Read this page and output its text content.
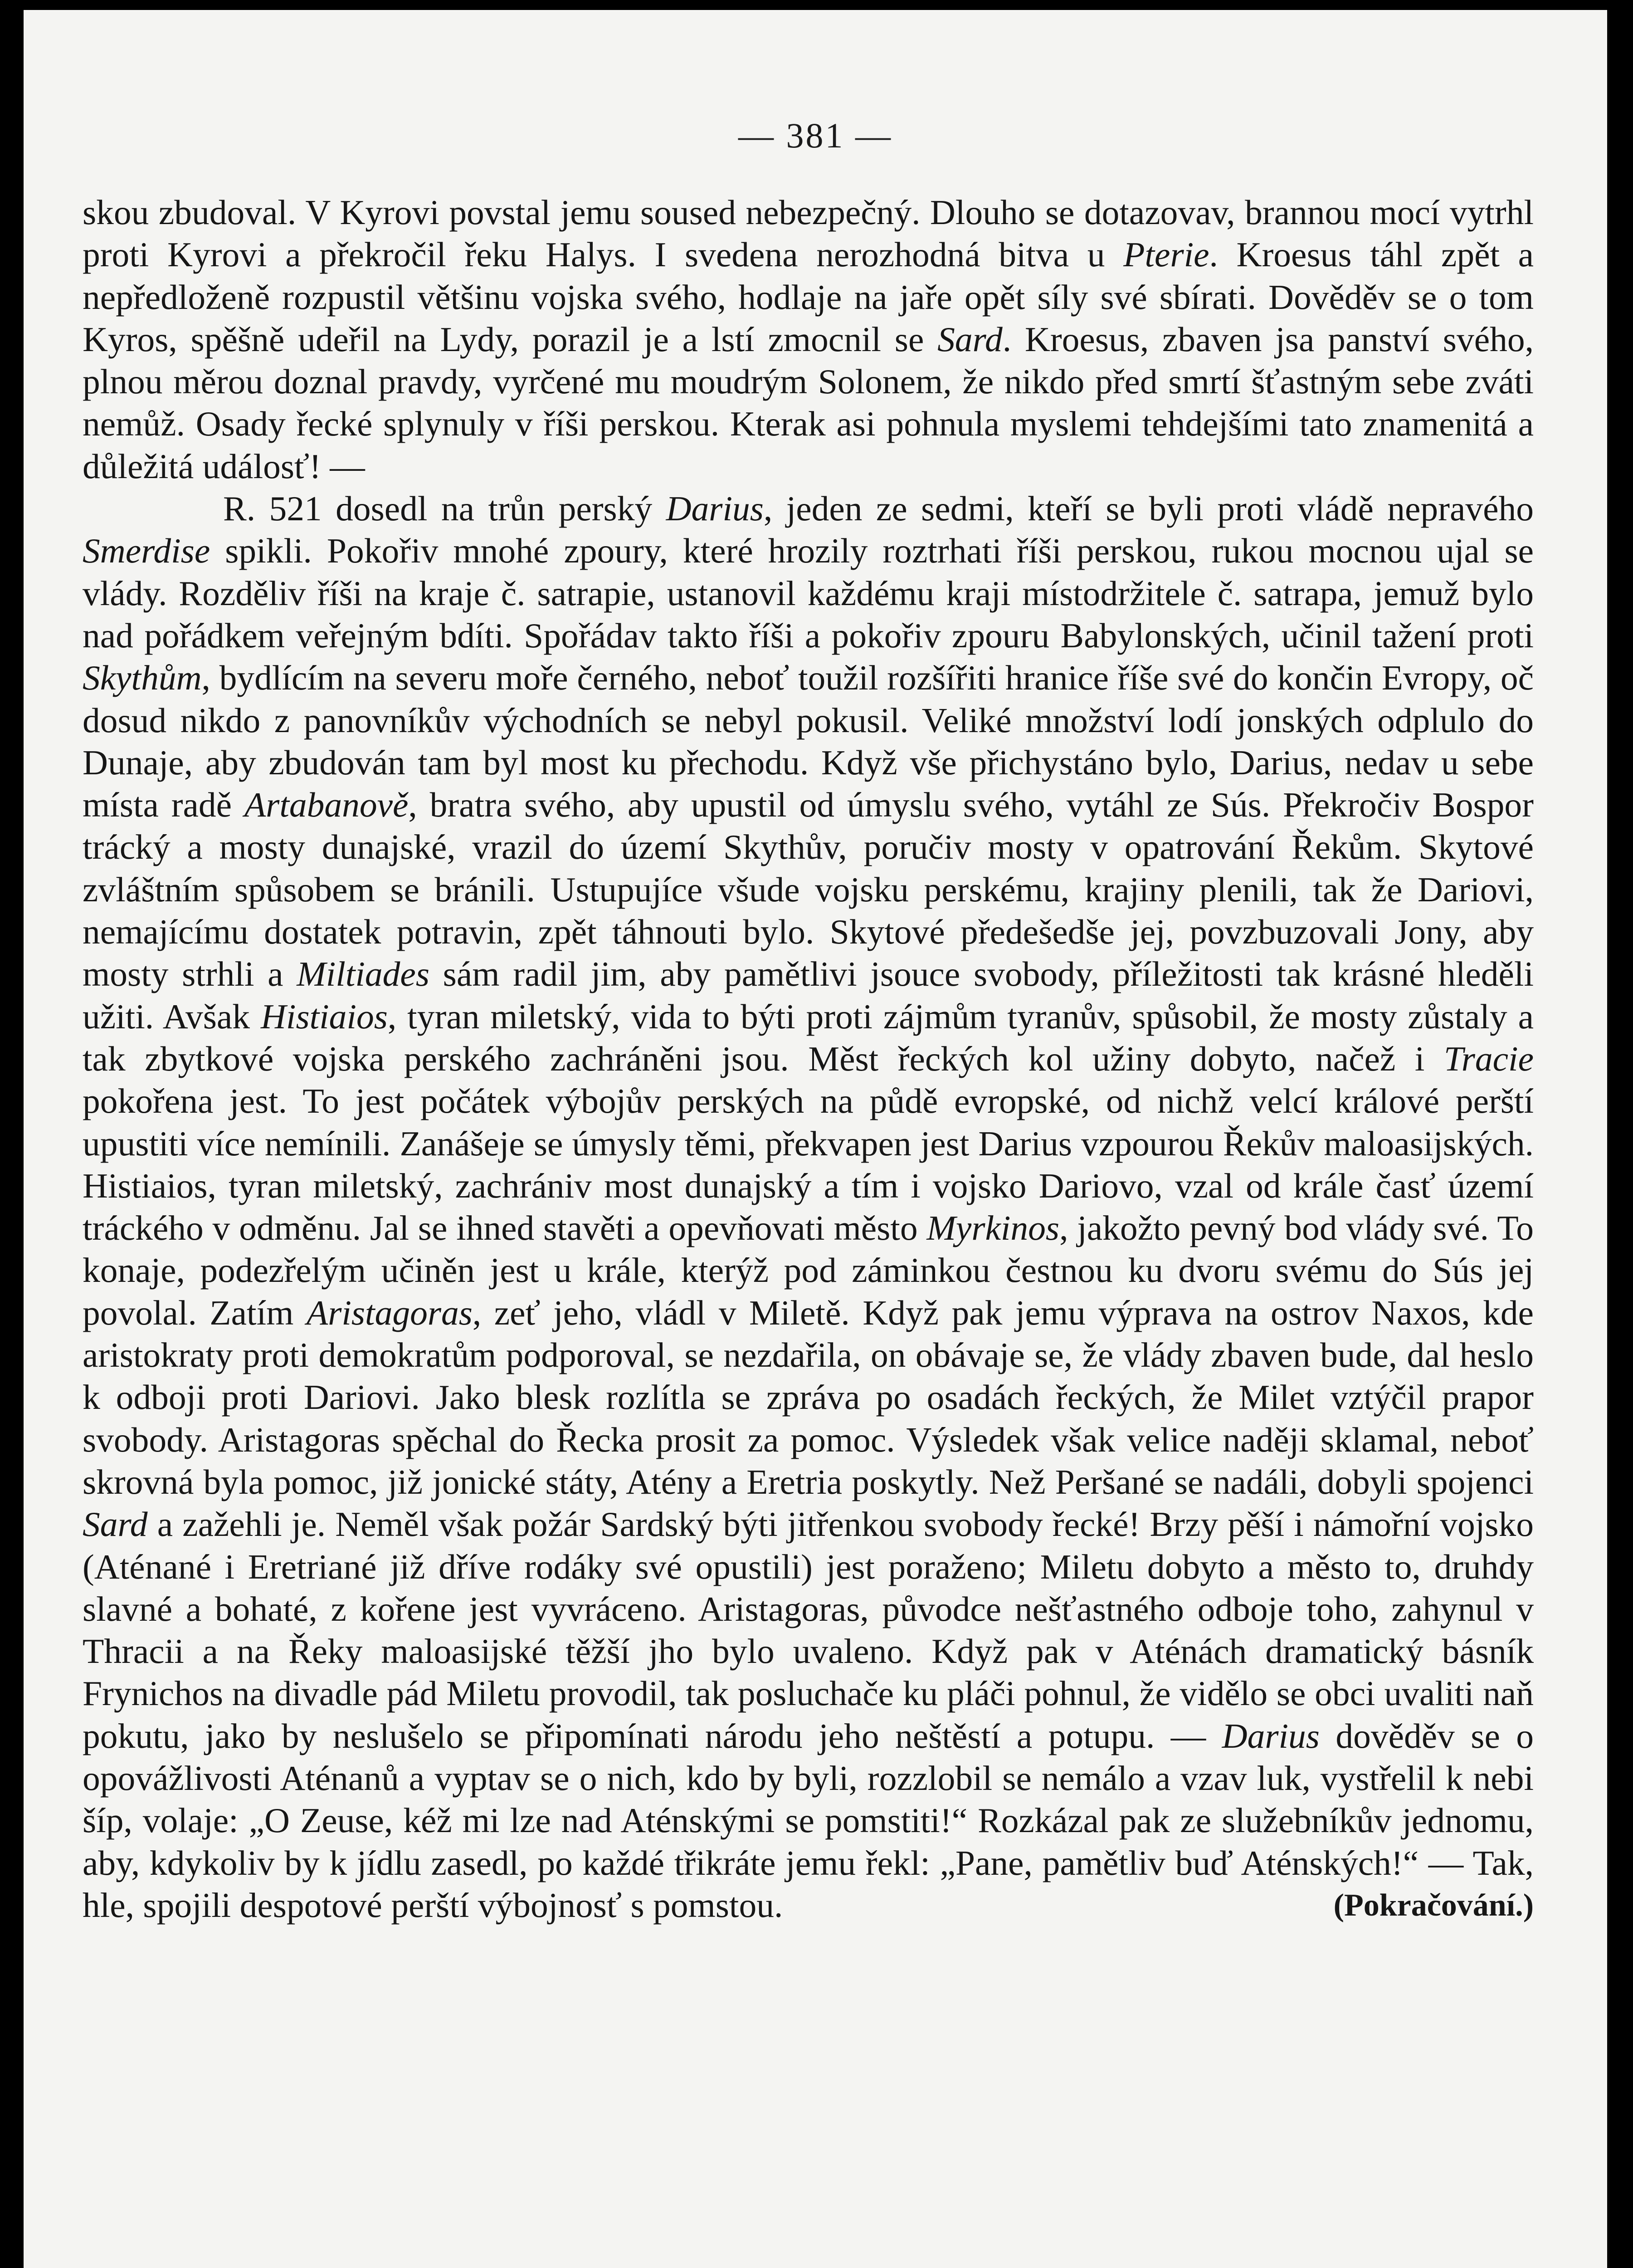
— 381 —

skou zbudoval. V Kyrovi povstal jemu soused nebezpečný. Dlouho se dotazovav, brannou mocí vytrhl proti Kyrovi a překročil řeku Halys. I svedena nerozhodná bitva u Pterie. Kroesus táhl zpět a nepředloženě rozpustil většinu vojska svého, hodlaje na jaře opět síly své sbírati. Dověděv se o tom Kyros, spěšně udeřil na Lydy, porazil je a lstí zmocnil se Sard. Kroesus, zbaven jsa panství svého, plnou měrou doznal pravdy, vyrčené mu moudrým Solonem, že nikdo před smrtí šťastným sebe zváti nemůž. Osady řecké splynuly v říši perskou. Kterak asi pohnula myslemi tehdejšími tato znamenitá a důležitá událosť! —

R. 521 dosedl na trůn perský Darius, jeden ze sedmi, kteří se byli proti vládě nepravého Smerdise spikli. Pokořiv mnohé zpoury, které hrozily roztrhati říši perskou, rukou mocnou ujal se vlády. Rozděliv říši na kraje č. satrapie, ustanovil každému kraji místodržitele č. satrapa, jemuž bylo nad pořádkem veřejným bdíti. Spořádav takto říši a pokořiv zpouru Babylonských, učinil tažení proti Skythům, bydlícím na severu moře černého, neboť toužil rozšířiti hranice říše své do končin Evropy, oč dosud nikdo z panovníkův východních se nebyl pokusil. Veliké množství lodí jonských odplulo do Dunaje, aby zbudován tam byl most ku přechodu. Když vše přichystáno bylo, Darius, nedav u sebe místa radě Artabanově, bratra svého, aby upustil od úmyslu svého, vytáhl ze Sús. Překročiv Bospor trácký a mosty dunajské, vrazil do území Skythův, poručiv mosty v opatrování Řekům. Skytové zvláštním spůsobem se bránili. Ustupujíce všude vojsku perskému, krajiny plenili, tak že Dariovi, nemajícímu dostatek potravin, zpět táhnouti bylo. Skytové předešedše jej, povzbuzovali Jony, aby mosty strhli a Miltiades sám radil jim, aby pamětlivi jsouce svobody, příležitosti tak krásné hleděli užiti. Avšak Histiaios, tyran miletský, vida to býti proti zájmům tyranův, spůsobil, že mosty zůstaly a tak zbytkové vojska perského zachráněni jsou. Měst řeckých kol užiny dobyto, načež i Tracie pokořena jest. To jest počátek výbojův perských na půdě evropské, od nichž velcí králové perští upustiti více nemínili. Zanášeje se úmysly těmi, překvapen jest Darius vzpourou Řekův maloasijských. Histiaios, tyran miletský, zachrániv most dunajský a tím i vojsko Dariovo, vzal od krále časť území tráckého v odměnu. Jal se ihned stavěti a opevňovati město Myrkinos, jakožto pevný bod vlády své. To konaje, podezřelým učiněn jest u krále, kterýž pod záminkou čestnou ku dvoru svému do Sús jej povolal. Zatím Aristagoras, zeť jeho, vládl v Miletě. Když pak jemu výprava na ostrov Naxos, kde aristokraty proti demokratům podporoval, se nezdařila, on obávaje se, že vlády zbaven bude, dal heslo k odboji proti Dariovi. Jako blesk rozlítla se zpráva po osadách řeckých, že Milet vztýčil prapor svobody. Aristagoras spěchal do Řecka prosit za pomoc. Výsledek však velice naději sklamal, neboť skrovná byla pomoc, již jonické státy, Atény a Eretria poskytly. Než Peršané se nadáli, dobyli spojenci Sard a zažehli je. Neměl však požár Sardský býti jitřenkou svobody řecké! Brzy pěší i námořní vojsko (Aténané i Eretriané již dříve rodáky své opustili) jest poraženo; Miletu dobyto a město to, druhdy slavné a bohaté, z kořene jest vyvráceno. Aristagoras, původce nešťastného odboje toho, zahynul v Thracii a na Řeky maloasijské těžší jho bylo uvaleno. Když pak v Aténách dramatický básník Frynichos na divadle pád Miletu provodil, tak posluchače ku pláči pohnul, že vidělo se obci uvaliti naň pokutu, jako by neslušelo se připomínati národu jeho neštěstí a potupu. — Darius dověděv se o opovážlivosti Aténanů a vyptav se o nich, kdo by byli, rozzlobil se nemálo a vzav luk, vystřelil k nebi šíp, volaje: „O Zeuse, kéž mi lze nad Aténskými se pomstiti!“ Rozkázal pak ze služebníkův jednomu, aby, kdykoliv by k jídlu zasedl, po každé třikráte jemu řekl: „Pane, pamětliv buď Aténských!“ — Tak, hle, spojili despotové perští výbojnosť s pomstou.	(Pokračování.)
